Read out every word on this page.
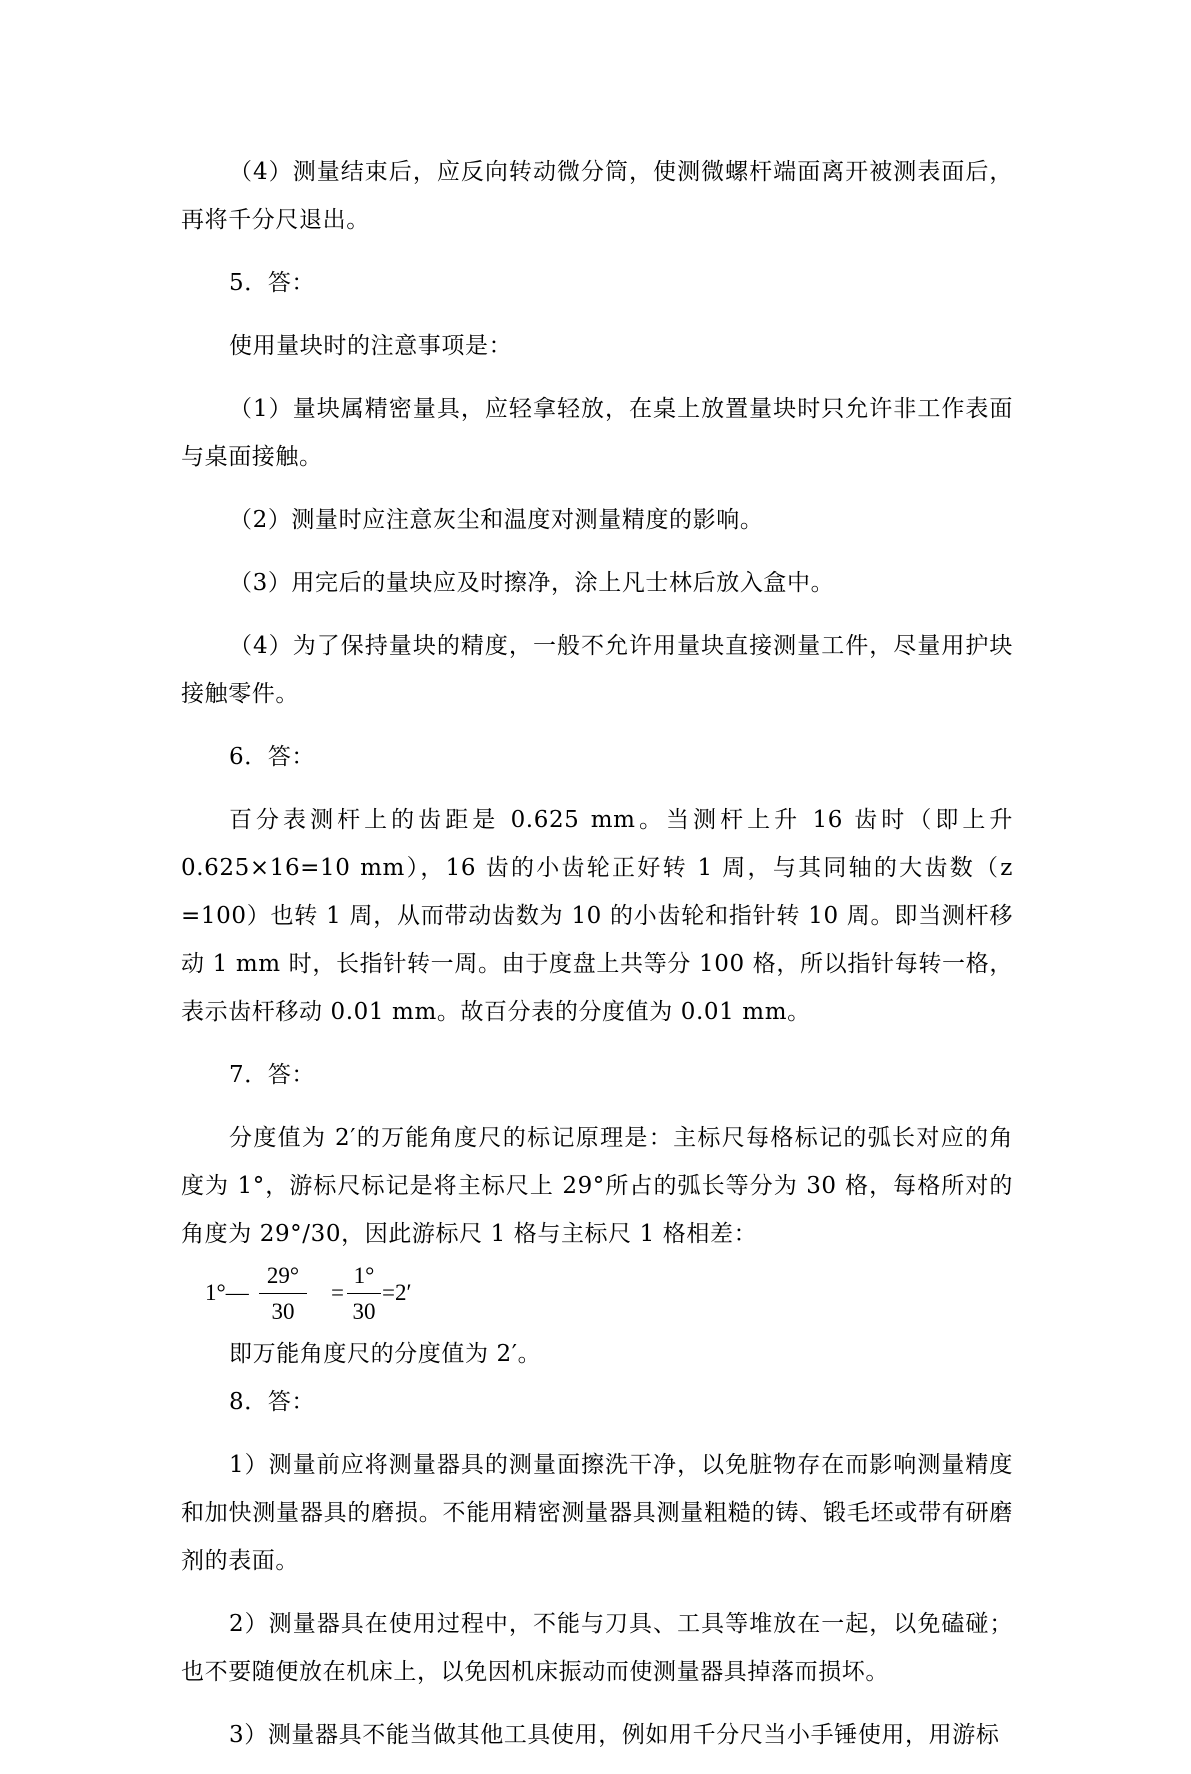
（4）测量结束后，应反向转动微分筒，使测微螺杆端面离开被测表面后，再将千分尺退出。

5．答：

使用量块时的注意事项是：

（1）量块属精密量具，应轻拿轻放，在桌上放置量块时只允许非工作表面与桌面接触。

（2）测量时应注意灰尘和温度对测量精度的影响。

（3）用完后的量块应及时擦净，涂上凡士林后放入盒中。

（4）为了保持量块的精度，一般不允许用量块直接测量工件，尽量用护块接触零件。

6．答：

百分表测杆上的齿距是 0.625 mm。当测杆上升 16 齿时（即上升 0.625×16=10 mm），16 齿的小齿轮正好转 1 周，与其同轴的大齿数（z =100）也转 1 周，从而带动齿数为 10 的小齿轮和指针转 10 周。即当测杆移动 1 mm 时，长指针转一周。由于度盘上共等分 100 格，所以指针每转一格，表示齿杆移动 0.01 mm。故百分表的分度值为 0.01 mm。

7．答：

分度值为 2′的万能角度尺的标记原理是：主标尺每格标记的弧长对应的角度为 1°，游标尺标记是将主标尺上 29°所占的弧长等分为 30 格，每格所对的角度为 29°/30，因此游标尺 1 格与主标尺 1 格相差：

1°—
29°
30
=
1°
30
=2′

即万能角度尺的分度值为 2′。

8．答：

1）测量前应将测量器具的测量面擦洗干净，以免脏物存在而影响测量精度和加快测量器具的磨损。不能用精密测量器具测量粗糙的铸、锻毛坯或带有研磨剂的表面。

2）测量器具在使用过程中，不能与刀具、工具等堆放在一起，以免磕碰；也不要随便放在机床上，以免因机床振动而使测量器具掉落而损坏。

3）测量器具不能当做其他工具使用，例如用千分尺当小手锤使用，用游标
